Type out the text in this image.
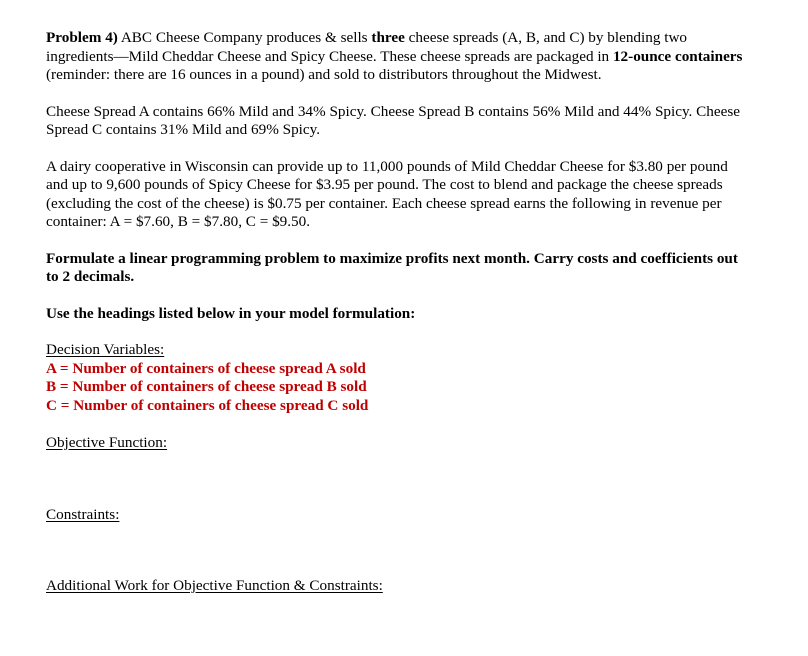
Problem 4) ABC Cheese Company produces & sells three cheese spreads (A, B, and C) by blending two ingredients—Mild Cheddar Cheese and Spicy Cheese. These cheese spreads are packaged in 12-ounce containers (reminder: there are 16 ounces in a pound) and sold to distributors throughout the Midwest.

Cheese Spread A contains 66% Mild and 34% Spicy. Cheese Spread B contains 56% Mild and 44% Spicy. Cheese Spread C contains 31% Mild and 69% Spicy.

A dairy cooperative in Wisconsin can provide up to 11,000 pounds of Mild Cheddar Cheese for $3.80 per pound and up to 9,600 pounds of Spicy Cheese for $3.95 per pound. The cost to blend and package the cheese spreads (excluding the cost of the cheese) is $0.75 per container. Each cheese spread earns the following in revenue per container: A = $7.60, B = $7.80, C = $9.50.

Formulate a linear programming problem to maximize profits next month. Carry costs and coefficients out to 2 decimals.

Use the headings listed below in your model formulation:

Decision Variables:
A = Number of containers of cheese spread A sold
B = Number of containers of cheese spread B sold
C = Number of containers of cheese spread C sold

Objective Function:

Constraints:

Additional Work for Objective Function & Constraints:
